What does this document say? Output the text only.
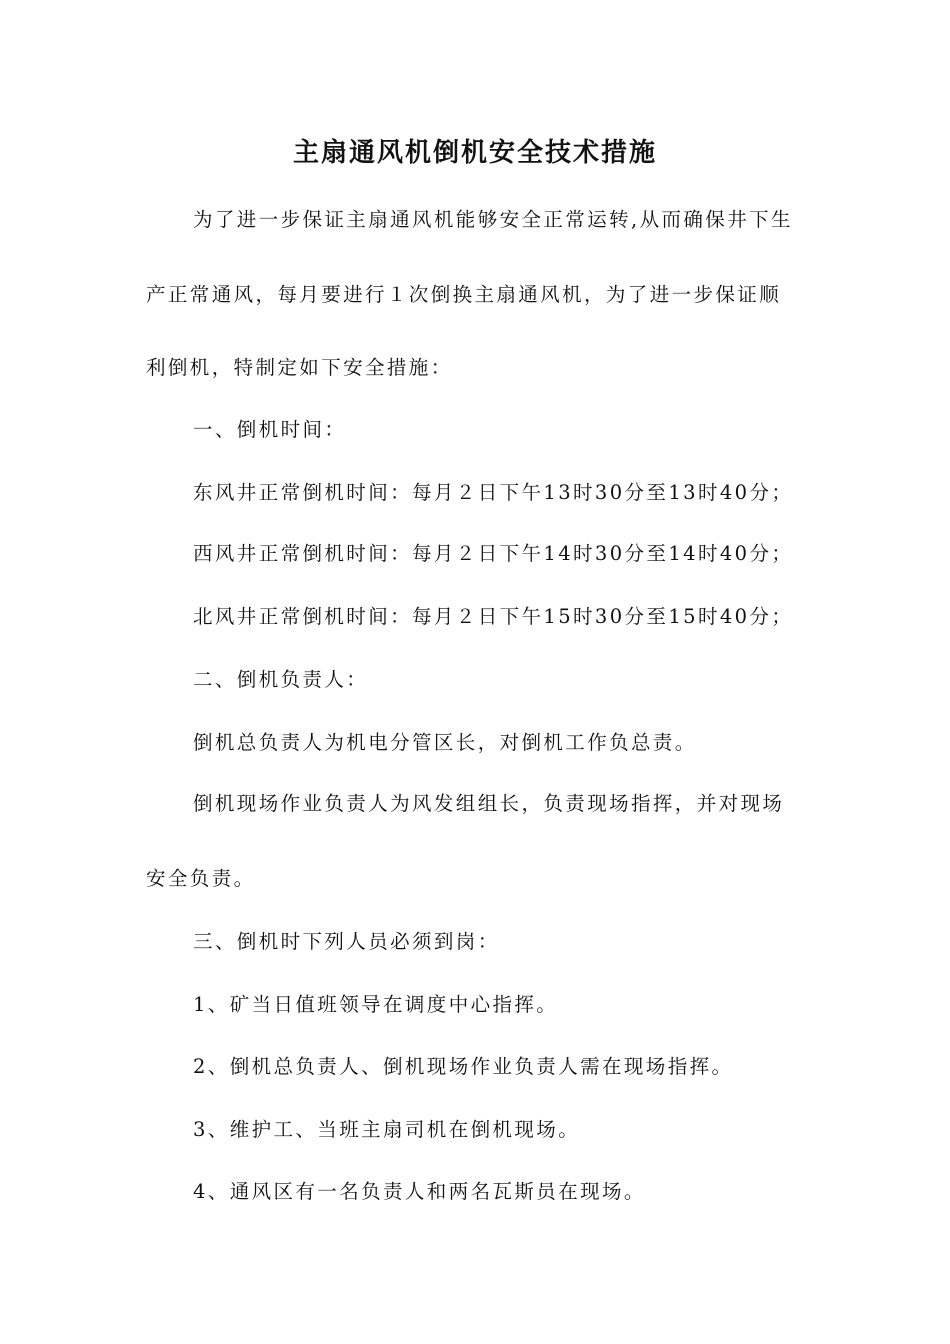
主扇通风机倒机安全技术措施
为了进一步保证主扇通风机能够安全正常运转,从而确保井下生
产正常通风，每月要进行１次倒换主扇通风机，为了进一步保证顺
利倒机，特制定如下安全措施：
一、倒机时间：
东风井正常倒机时间：每月２日下午13时30分至13时40分；
西风井正常倒机时间：每月２日下午14时30分至14时40分；
北风井正常倒机时间：每月２日下午15时30分至15时40分；
二、倒机负责人：
倒机总负责人为机电分管区长，对倒机工作负总责。
倒机现场作业负责人为风发组组长，负责现场指挥，并对现场
安全负责。
三、倒机时下列人员必须到岗：
1、矿当日值班领导在调度中心指挥。
2、倒机总负责人、倒机现场作业负责人需在现场指挥。
3、维护工、当班主扇司机在倒机现场。
4、通风区有一名负责人和两名瓦斯员在现场。
